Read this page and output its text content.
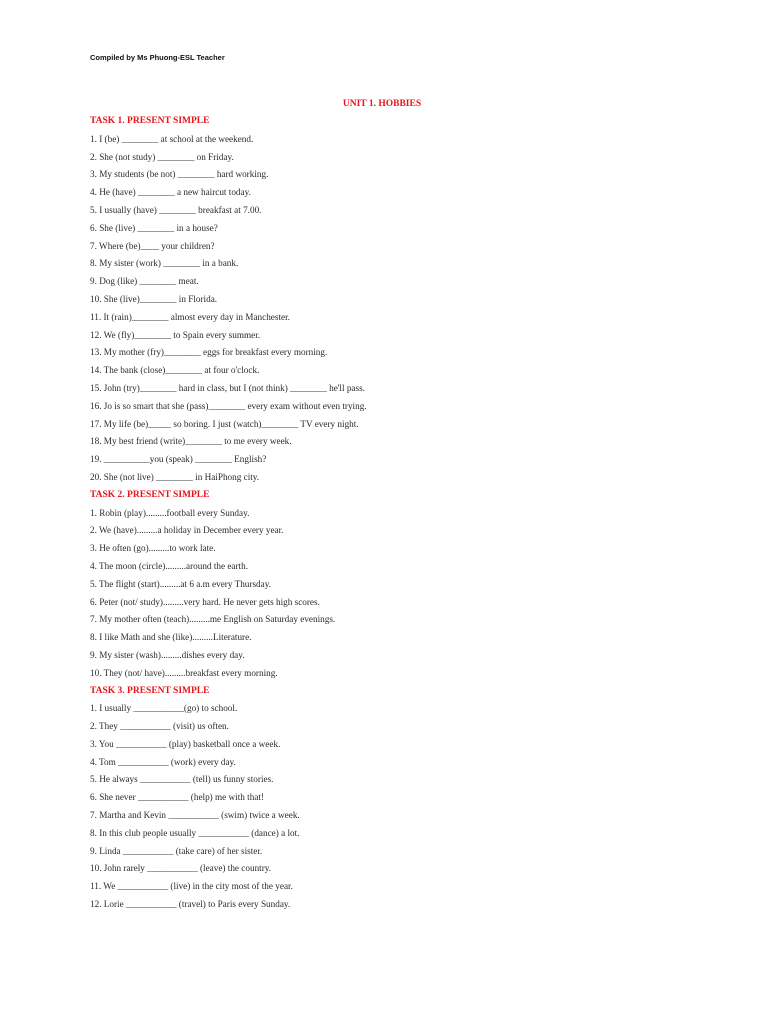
Compiled by Ms Phuong-ESL Teacher
UNIT 1. HOBBIES
TASK 1. PRESENT SIMPLE
1. I (be) ________ at school at the weekend.
2. She (not study) ________ on Friday.
3. My students (be not) ________ hard working.
4. He (have) ________ a new haircut today.
5. I usually (have) ________ breakfast at 7.00.
6. She (live) ________ in a house?
7. Where (be)____ your children?
8. My sister (work) ________ in a bank.
9. Dog (like) ________ meat.
10. She (live)________ in Florida.
11. It (rain)________ almost every day in Manchester.
12. We (fly)________ to Spain every summer.
13. My mother (fry)________ eggs for breakfast every morning.
14. The bank (close)________ at four o'clock.
15. John (try)________ hard in class, but I (not think) ________ he'll pass.
16. Jo is so smart that she (pass)________ every exam without even trying.
17. My life (be)_____ so boring. I just (watch)________ TV every night.
18. My best friend (write)________ to me every week.
19. __________you (speak) ________ English?
20. She (not live) ________ in HaiPhong city.
TASK 2. PRESENT SIMPLE
1. Robin (play).........football every Sunday.
2. We (have).........a holiday in December every year.
3. He often (go).........to work late.
4. The moon (circle).........around the earth.
5. The flight (start).........at 6 a.m every Thursday.
6. Peter (not/ study).........very hard. He never gets high scores.
7. My mother often (teach).........me English on Saturday evenings.
8. I like Math and she (like).........Literature.
9. My sister (wash).........dishes every day.
10. They (not/ have).........breakfast every morning.
TASK 3. PRESENT SIMPLE
1. I usually ___________(go) to school.
2. They ___________ (visit) us often.
3. You ___________ (play) basketball once a week.
4. Tom ___________ (work) every day.
5. He always ___________ (tell) us funny stories.
6. She never ___________ (help) me with that!
7. Martha and Kevin ___________ (swim) twice a week.
8. In this club people usually ___________ (dance) a lot.
9. Linda ___________ (take care) of her sister.
10. John rarely ___________ (leave) the country.
11. We ___________ (live) in the city most of the year.
12. Lorie ___________ (travel) to Paris every Sunday.
